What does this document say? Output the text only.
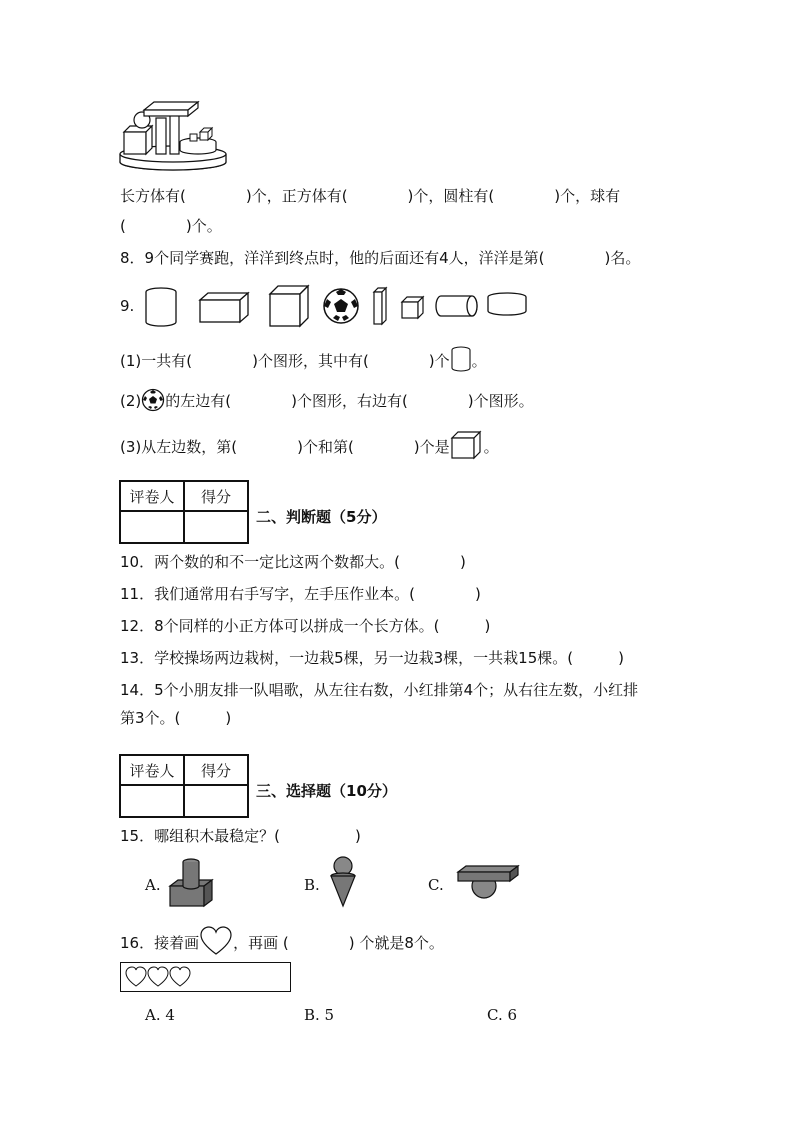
长方体有(　　　　)个，正方体有(　　　　)个，圆柱有(　　　　)个，球有
(　　　　)个。
8．9个同学赛跑，洋洋到终点时，他的后面还有4人，洋洋是第(　　　　)名。
9.
(1)一共有(　　　　)个图形，其中有(　　　　)个 。
(2) 的左边有(　　　　)个图形，右边有(　　　　)个图形。
(3)从左边数，第(　　　　)个和第(　　　　)个是 。
评卷人	得分

二、判断题（5分）
10．两个数的和不一定比这两个数都大。(　　　　)
11．我们通常用右手写字，左手压作业本。(　　　　)
12．8个同样的小正方体可以拼成一个长方体。(　　　)
13．学校操场两边栽树，一边栽5棵，另一边栽3棵，一共栽15棵。(　　　)
14．5个小朋友排一队唱歌，从左往右数，小红排第4个；从右往左数，小红排
第3个。(　　　)
评卷人	得分

三、选择题（10分）
15．哪组积木最稳定？(　　　　　)
A.	B.	C.
16．接着画 ，再画 (　　　　) 个就是8个。
A. 4	B. 5	C. 6
